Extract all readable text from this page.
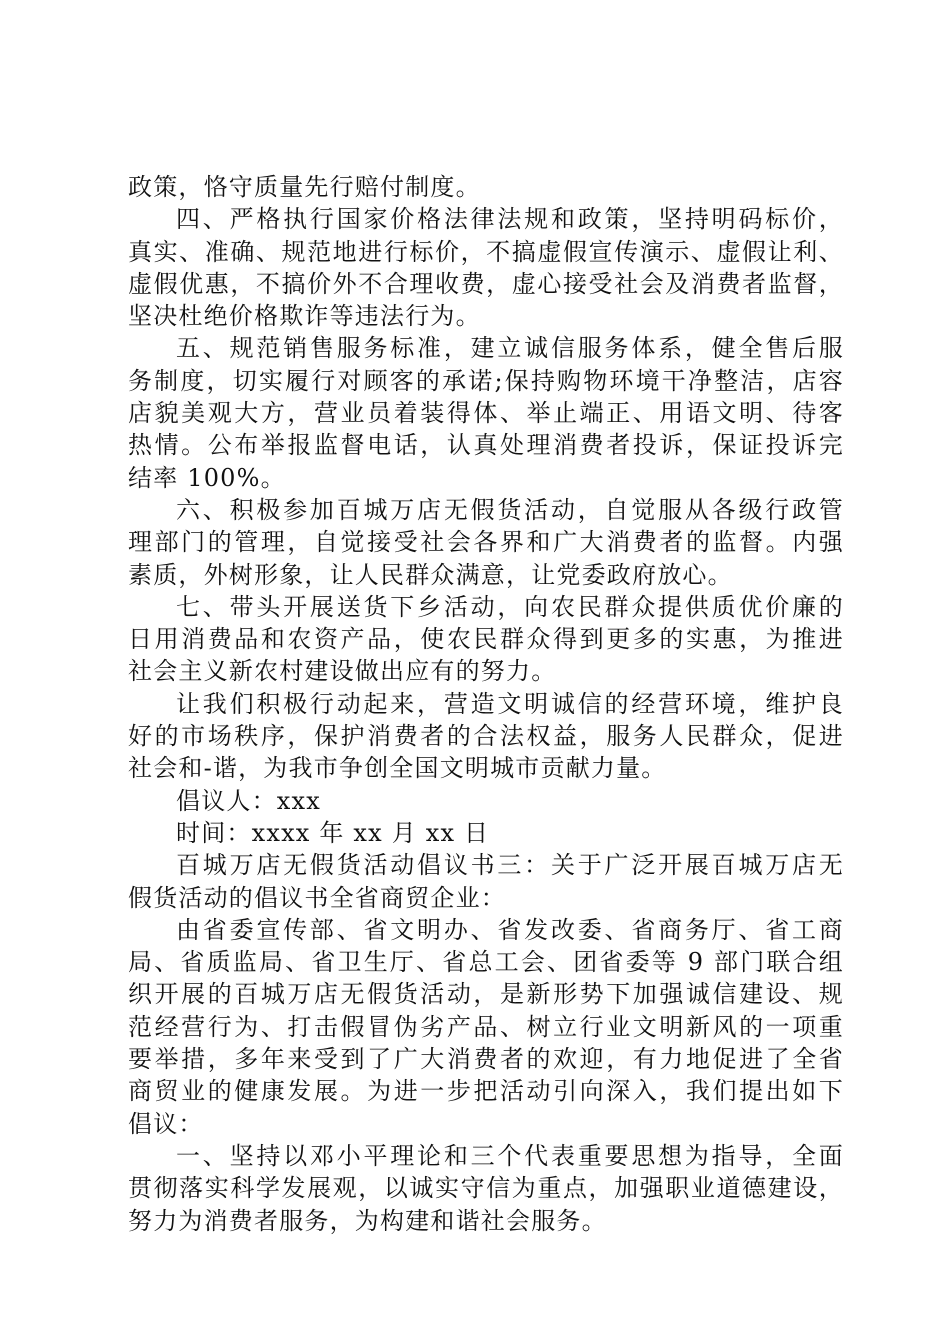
政策，恪守质量先行赔付制度。
四、严格执行国家价格法律法规和政策，坚持明码标价，
真实、准确、规范地进行标价，不搞虚假宣传演示、虚假让利、
虚假优惠，不搞价外不合理收费，虚心接受社会及消费者监督，
坚决杜绝价格欺诈等违法行为。
五、规范销售服务标准，建立诚信服务体系，健全售后服
务制度，切实履行对顾客的承诺;保持购物环境干净整洁，店容
店貌美观大方，营业员着装得体、举止端正、用语文明、待客
热情。公布举报监督电话，认真处理消费者投诉，保证投诉完
结率 100%。
六、积极参加百城万店无假货活动，自觉服从各级行政管
理部门的管理，自觉接受社会各界和广大消费者的监督。内强
素质，外树形象，让人民群众满意，让党委政府放心。
七、带头开展送货下乡活动，向农民群众提供质优价廉的
日用消费品和农资产品，使农民群众得到更多的实惠，为推进
社会主义新农村建设做出应有的努力。
让我们积极行动起来，营造文明诚信的经营环境，维护良
好的市场秩序，保护消费者的合法权益，服务人民群众，促进
社会和-谐，为我市争创全国文明城市贡献力量。
倡议人：xxx
时间：xxxx 年 xx 月 xx 日
百城万店无假货活动倡议书三：关于广泛开展百城万店无
假货活动的倡议书全省商贸企业：
由省委宣传部、省文明办、省发改委、省商务厅、省工商
局、省质监局、省卫生厅、省总工会、团省委等 9 部门联合组
织开展的百城万店无假货活动，是新形势下加强诚信建设、规
范经营行为、打击假冒伪劣产品、树立行业文明新风的一项重
要举措，多年来受到了广大消费者的欢迎，有力地促进了全省
商贸业的健康发展。为进一步把活动引向深入，我们提出如下
倡议：
一、坚持以邓小平理论和三个代表重要思想为指导，全面
贯彻落实科学发展观，以诚实守信为重点，加强职业道德建设，
努力为消费者服务，为构建和谐社会服务。
